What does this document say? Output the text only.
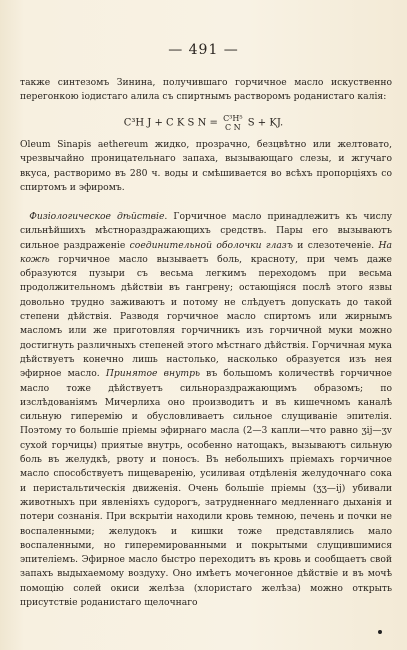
— 491 —
также синтезомъ Зинина, получившаго горчичное масло искуственно перегонкою іодистаго алила съ спиртнымъ растворомъ роданистаго калія:
C³H J + C K S N = C³H⁵
C N S + KJ.
Oleum Sinapis aethereum жидко, прозрачно, безцвѣтно или желтовато, чрезвычайно проницательнаго запаха, вызывающаго слезы, и жгучаго вкуса, растворимо въ 280 ч. воды и смѣшивается во всѣхъ пропорціяхъ со спиртомъ и эфиромъ.
 Физіологическое дѣйствіе. Горчичное масло принадлежитъ къ числу сильнѣйшихъ мѣстнораздражающихъ средствъ. Пары его вызываютъ сильное раздраженіе соединительной оболочки глазъ и слезотеченіе. На кожѣ горчичное масло вызываетъ боль, красноту, при чемъ даже образуются пузыри съ весьма легкимъ переходомъ при весьма продолжительномъ дѣйствіи въ гангрену; остающіяся послѣ этого язвы довольно трудно заживаютъ и потому не слѣдуетъ допускать до такой степени дѣйствія. Разводя горчичное масло спиртомъ или жирнымъ масломъ или же приготовляя горчичникъ изъ горчичной муки можно достигнуть различныхъ степеней этого мѣстнаго дѣйствія. Горчичная мука дѣйствуетъ конечно лишь настолько, насколько образуется изъ нея эфирное масло. Принятое внутрь въ большомъ количествѣ горчичное масло тоже дѣйствуетъ сильнораздражающимъ образомъ; по изслѣдованіямъ Мичерлиха оно производитъ и въ кишечномъ каналѣ сильную гиперемію и обусловливаетъ сильное слущиваніе эпителія. Поэтому то большіе пріемы эфирнаго масла (2—3 капли—что равно ʒij—ʒv сухой горчицы) приятые внутрь, особенно натощакъ, вызываютъ сильную боль въ желудкѣ, рвоту и поносъ. Въ небольшихъ пріемахъ горчичное масло способствуетъ пищеваренію, усиливая отдѣленія желудочнаго сока и перистальтическія движенія. Очень большіе пріемы (ʒʒ—ij) убивали животныхъ при явленіяхъ судорогъ, затрудненнаго медленнаго дыханія и потери сознанія. При вскрытіи находили кровь темною, печень и почки не воспаленными; желудокъ и кишки тоже представлялись мало воспаленными, но гиперемированными и покрытыми слущившимися эпителіемъ. Эфирное масло быстро переходитъ въ кровь и сообщаетъ свой запахъ выдыхаемому воздуху. Оно имѣетъ мочегонное дѣйствіе и въ мочѣ помощію солей окиси желѣза (хлористаго желѣза) можно открыть присутствіе роданистаго щелочнаго
